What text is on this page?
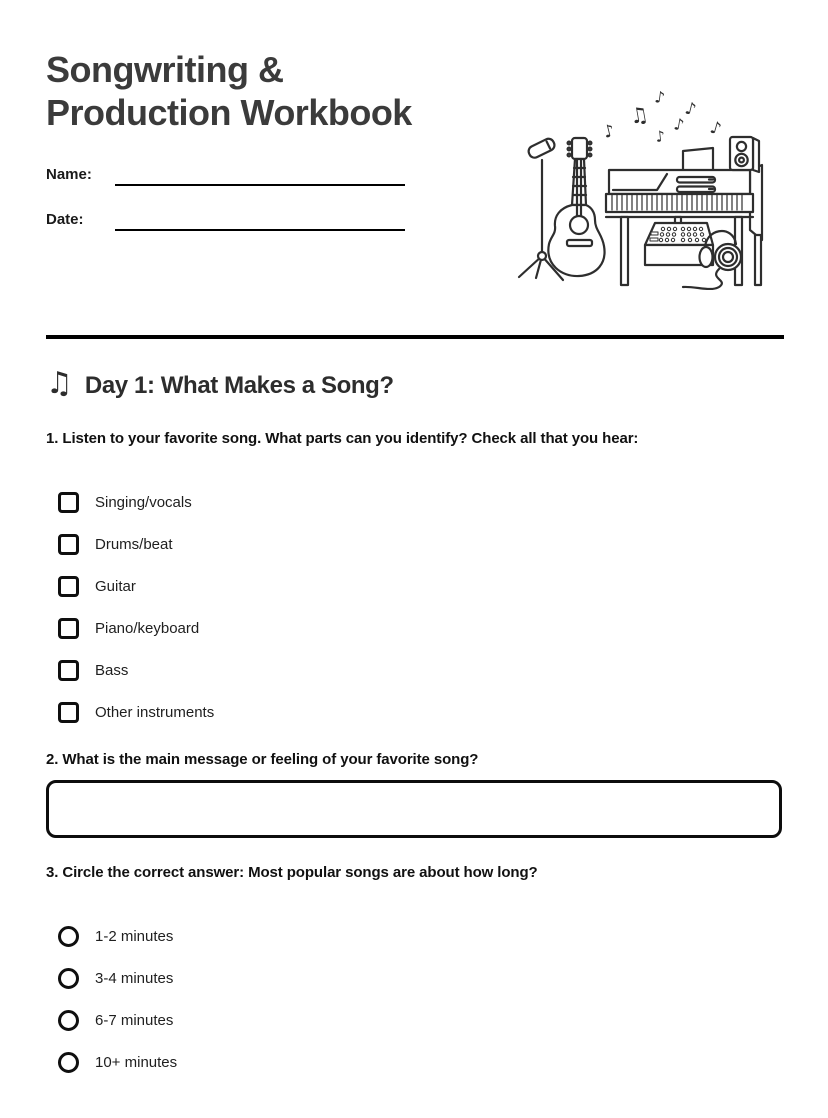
Songwriting & Production Workbook
Name:
Date:
♪
♫
♪
♪
♪
♪
♪
♫ Day 1: What Makes a Song?

1. Listen to your favorite song. What parts can you identify? Check all that you hear:

Singing/vocals
Drums/beat
Guitar
Piano/keyboard
Bass
Other instruments

2. What is the main message or feeling of your favorite song?

3. Circle the correct answer: Most popular songs are about how long?

1-2 minutes
3-4 minutes
6-7 minutes
10+ minutes
